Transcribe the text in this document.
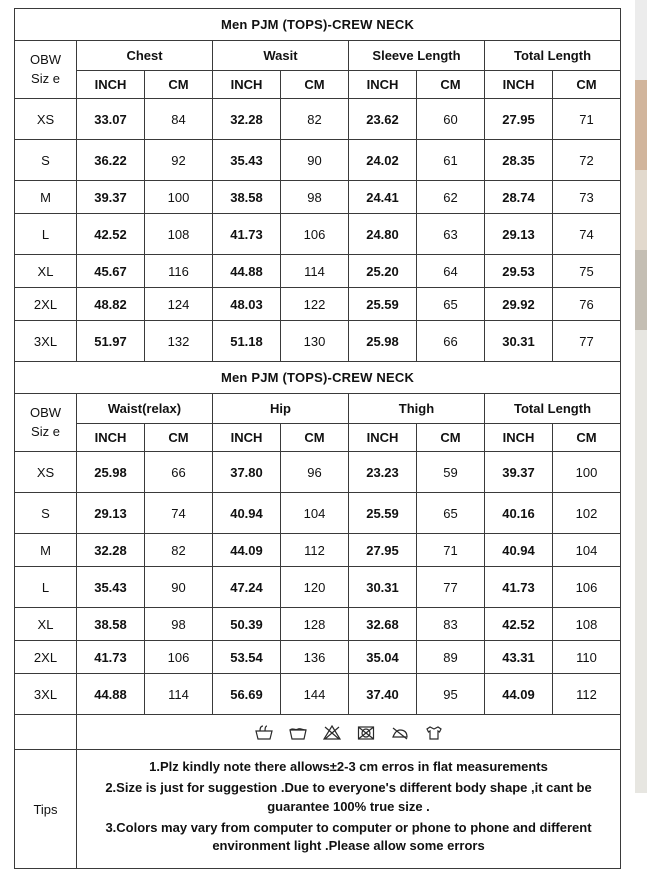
Men PJM (TOPS)-CREW NECK								

OBW
Siz e	Chest		Wasit		Sleeve Length		Total Length	
	INCH	CM	INCH	CM	INCH	CM	INCH	CM
XS	33.07	84	32.28	82	23.62	60	27.95	71
S	36.22	92	35.43	90	24.02	61	28.35	72
M	39.37	100	38.58	98	24.41	62	28.74	73
L	42.52	108	41.73	106	24.80	63	29.13	74
XL	45.67	116	44.88	114	25.20	64	29.53	75
2XL	48.82	124	48.03	122	25.59	65	29.92	76
3XL	51.97	132	51.18	130	25.98	66	30.31	77
Men PJM (TOPS)-CREW NECK								

OBW
Siz e	Waist(relax)		Hip		Thigh		Total Length	
	INCH	CM	INCH	CM	INCH	CM	INCH	CM
XS	25.98	66	37.80	96	23.23	59	39.37	100
S	29.13	74	40.94	104	25.59	65	40.16	102
M	32.28	82	44.09	112	27.95	71	40.94	104
L	35.43	90	47.24	120	30.31	77	41.73	106
XL	38.58	98	50.39	128	32.68	83	42.52	108
2XL	41.73	106	53.54	136	35.04	89	43.31	110
3XL	44.88	114	56.69	144	37.40	95	44.09	112

Tips	1.Plz kindly note there allows±2-3 cm erros in flat measurements

2.Size is just for suggestion .Due to everyone's different body shape ,it cant be guarantee 100% true size .

3.Colors may vary from computer to computer or phone to phone and different environment light .Please allow some errors							
